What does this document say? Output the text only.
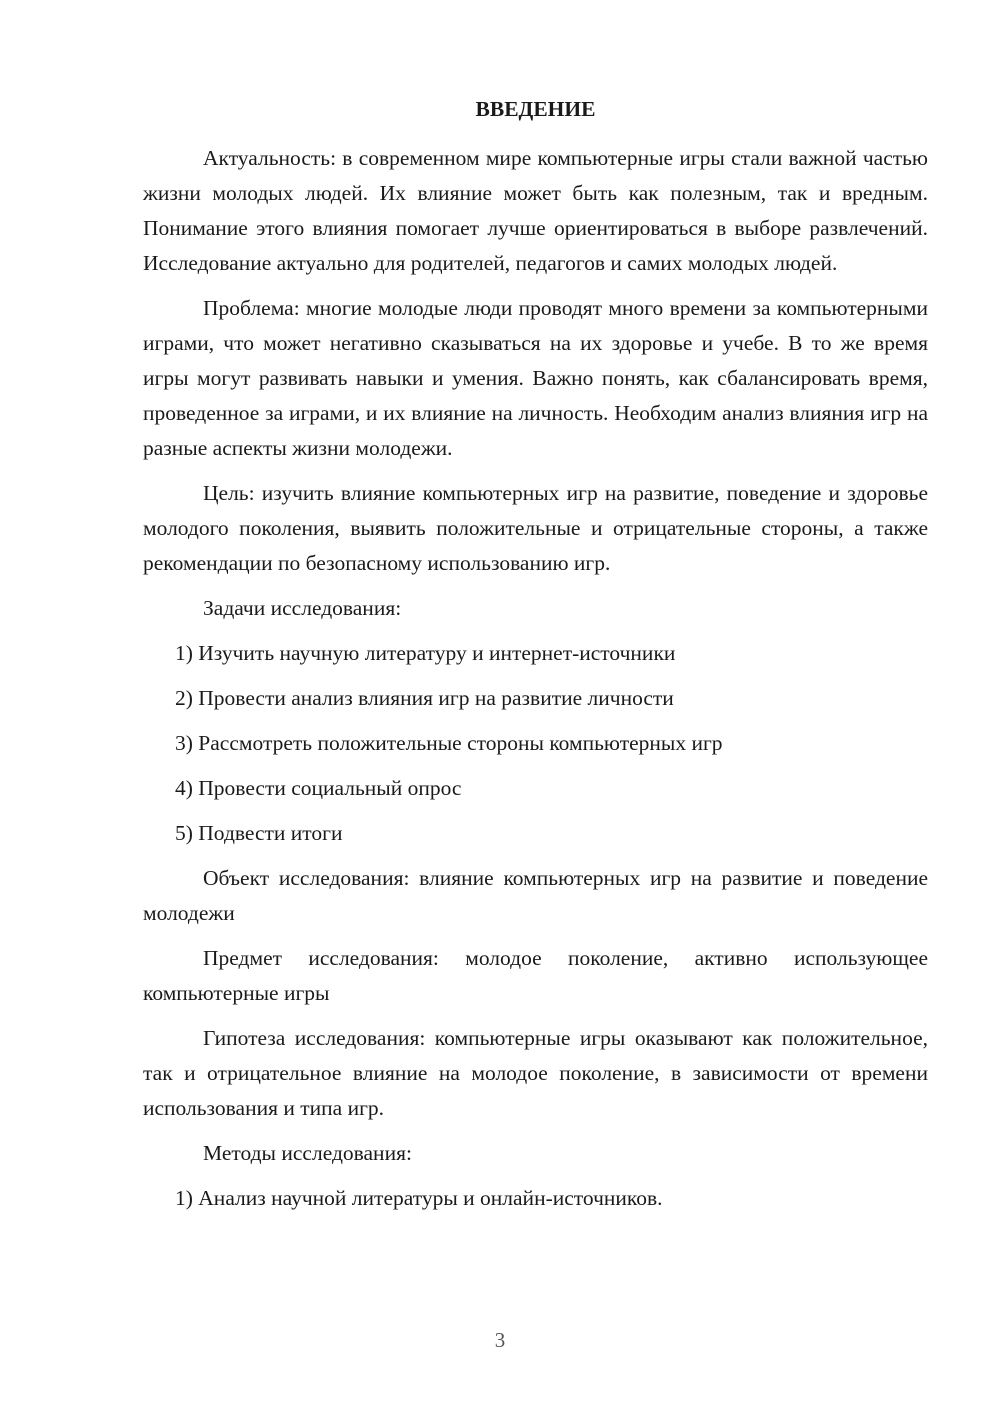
ВВЕДЕНИЕ

Актуальность: в современном мире компьютерные игры стали важной частью жизни молодых людей. Их влияние может быть как полезным, так и вредным. Понимание этого влияния помогает лучше ориентироваться в выборе развлечений. Исследование актуально для родителей, педагогов и самих молодых людей.

Проблема: многие молодые люди проводят много времени за компьютерными играми, что может негативно сказываться на их здоровье и учебе. В то же время игры могут развивать навыки и умения. Важно понять, как сбалансировать время, проведенное за играми, и их влияние на личность. Необходим анализ влияния игр на разные аспекты жизни молодежи.

Цель: изучить влияние компьютерных игр на развитие, поведение и здоровье молодого поколения, выявить положительные и отрицательные стороны, а также рекомендации по безопасному использованию игр.

Задачи исследования:

1) Изучить научную литературу и интернет-источники

2) Провести анализ влияния игр на развитие личности

3) Рассмотреть положительные стороны компьютерных игр

4) Провести социальный опрос

5) Подвести итоги

Объект исследования: влияние компьютерных игр на развитие и поведение молодежи

Предмет исследования: молодое поколение, активно использующее компьютерные игры

Гипотеза исследования: компьютерные игры оказывают как положительное, так и отрицательное влияние на молодое поколение, в зависимости от времени использования и типа игр.

Методы исследования:

1) Анализ научной литературы и онлайн-источников.

3
